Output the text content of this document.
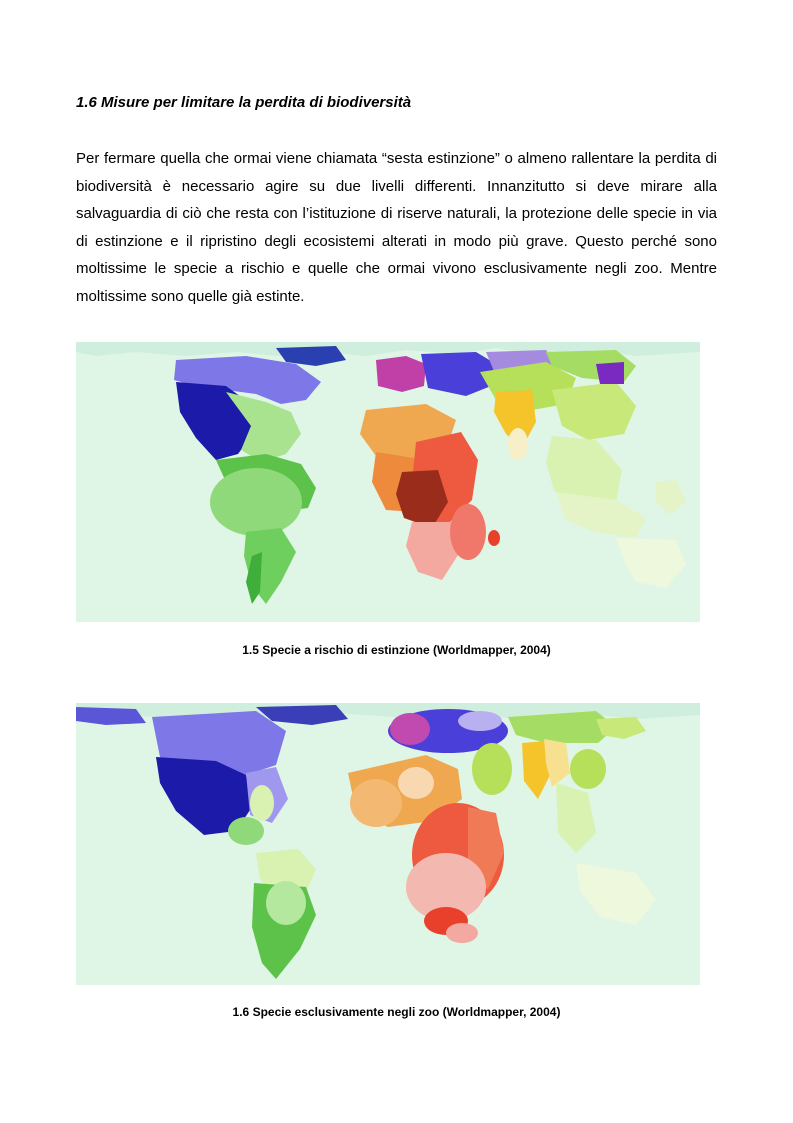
1.6 Misure per limitare la perdita di biodiversità

Per fermare quella che ormai viene chiamata “sesta estinzione” o almeno rallentare la perdita di biodiversità è necessario agire su due livelli differenti. Innanzitutto si deve mirare alla salvaguardia di ciò che resta con l’istituzione di riserve naturali, la protezione delle specie in via di estinzione e il ripristino degli ecosistemi alterati in modo più grave. Questo perché sono moltissime le specie a rischio e quelle che ormai vivono esclusivamente negli zoo. Mentre moltissime sono quelle già estinte.

1.5 Specie a rischio di estinzione (Worldmapper, 2004)

1.6 Specie esclusivamente negli zoo (Worldmapper, 2004)
